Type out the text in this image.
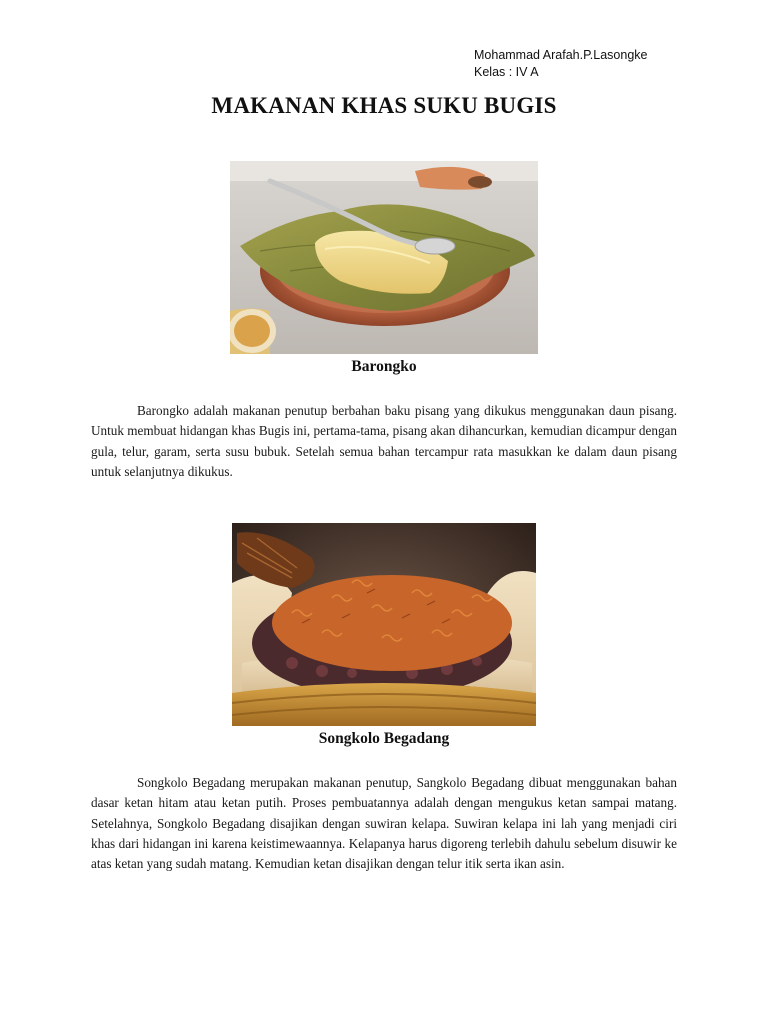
Mohammad Arafah.P.Lasongke
Kelas : IV A
MAKANAN KHAS SUKU BUGIS

Barongko

Barongko adalah makanan penutup berbahan baku pisang yang dikukus menggunakan daun pisang. Untuk membuat hidangan khas Bugis ini, pertama-tama, pisang akan dihancurkan, kemudian dicampur dengan gula, telur, garam, serta susu bubuk. Setelah semua bahan tercampur rata masukkan ke dalam daun pisang untuk selanjutnya dikukus.

Songkolo Begadang

Songkolo Begadang merupakan makanan penutup, Sangkolo Begadang dibuat menggunakan bahan dasar ketan hitam atau ketan putih. Proses pembuatannya adalah dengan mengukus ketan sampai matang. Setelahnya, Songkolo Begadang disajikan dengan suwiran kelapa. Suwiran kelapa ini lah yang menjadi ciri khas dari hidangan ini karena keistimewaannya. Kelapanya harus digoreng terlebih dahulu sebelum disuwir ke atas ketan yang sudah matang. Kemudian ketan disajikan dengan telur itik serta ikan asin.
